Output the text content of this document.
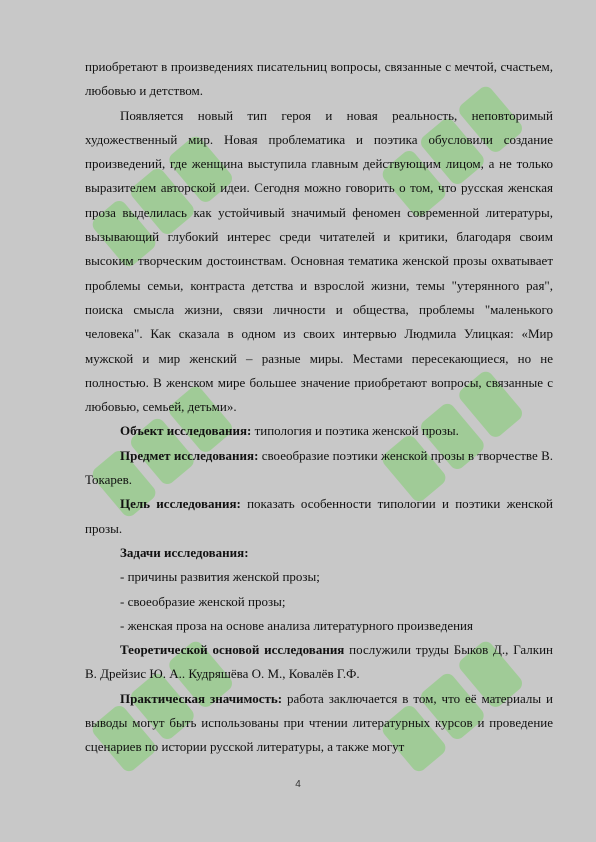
приобретают в произведениях писательниц вопросы, связанные с мечтой, счастьем, любовью и детством.

Появляется новый тип героя и новая реальность, неповторимый художественный мир. Новая проблематика и поэтика обусловили создание произведений, где женщина выступила главным действующим лицом, а не только выразителем авторской идеи. Сегодня можно говорить о том, что русская женская проза выделилась как устойчивый значимый феномен современной литературы, вызывающий глубокий интерес среди читателей и критики, благодаря своим высоким творческим достоинствам. Основная тематика женской прозы охватывает проблемы семьи, контраста детства и взрослой жизни, темы "утерянного рая", поиска смысла жизни, связи личности и общества, проблемы "маленького человека". Как сказала в одном из своих интервью Людмила Улицкая: «Мир мужской и мир женский – разные миры. Местами пересекающиеся, но не полностью. В женском мире большее значение приобретают вопросы, связанные с любовью, семьей, детьми».

Объект исследования: типология и поэтика женской прозы.

Предмет исследования: своеобразие поэтики женской прозы в творчестве В. Токарев.

Цель исследования: показать особенности типологии и поэтики женской прозы.

Задачи исследования:

- причины развития женской прозы;

- своеобразие женской прозы;

- женская проза на основе анализа литературного произведения

Теоретической основой исследования послужили труды Быков Д., Галкин В. Дрейзис Ю. А.. Кудряшёва О. М., Ковалёв Г.Ф.

Практическая значимость: работа заключается в том, что её материалы и выводы могут быть использованы при чтении литературных курсов и проведение сценариев по истории русской литературы, а также могут

4
